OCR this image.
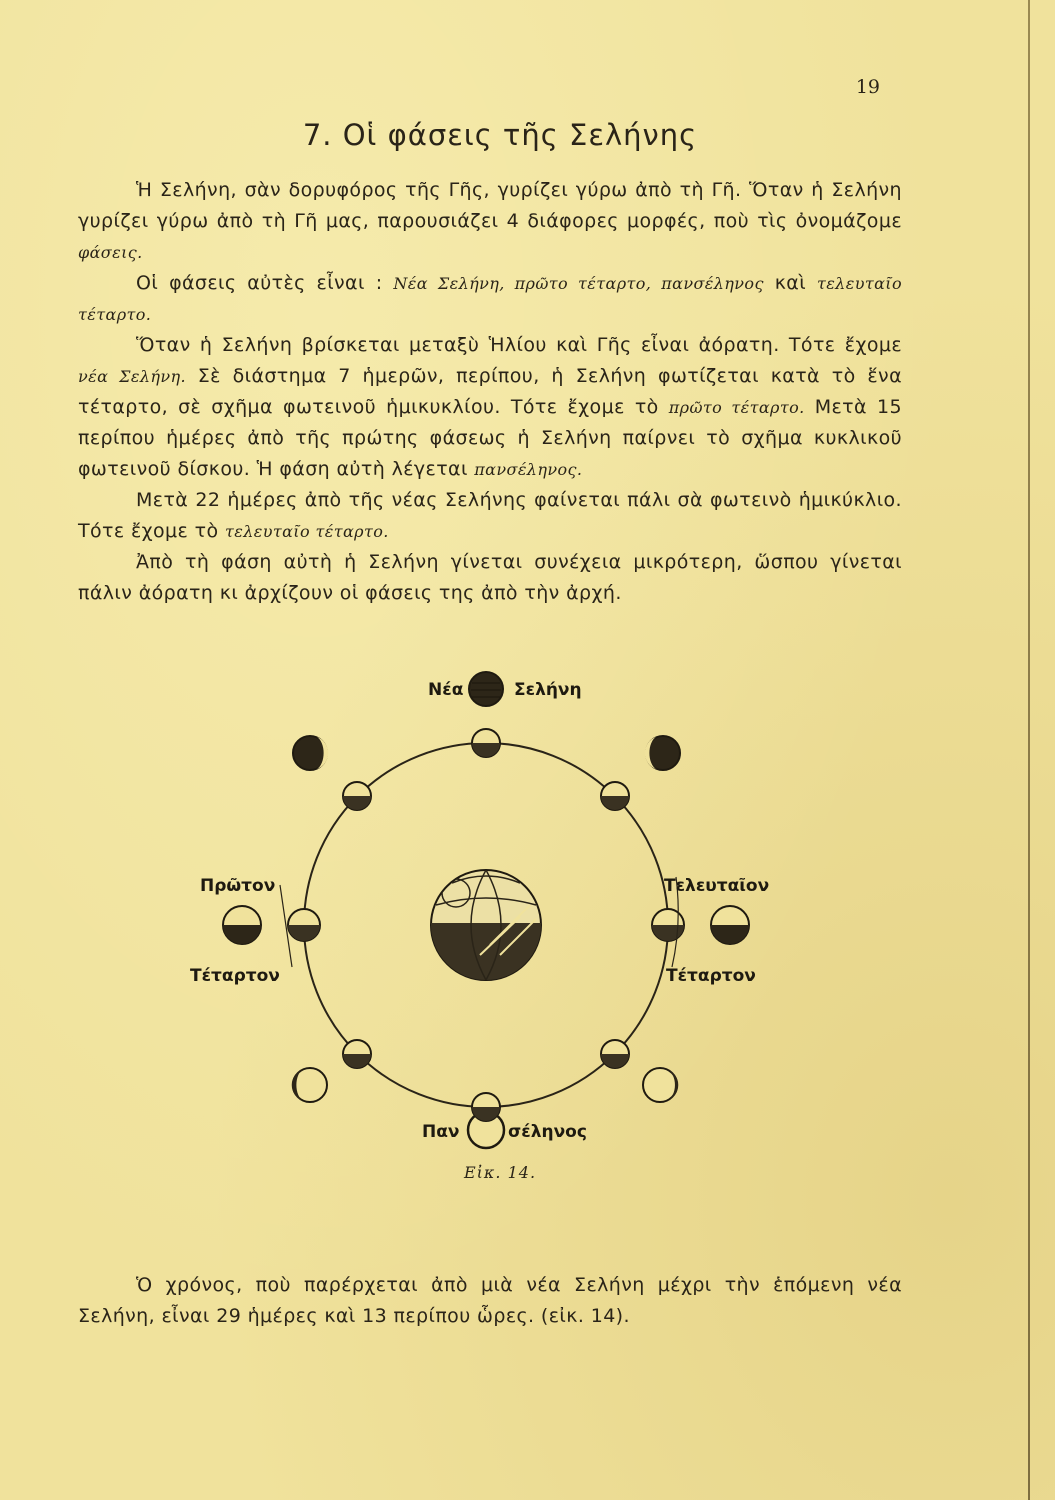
19
7. Οἱ φάσεις τῆς Σελήνης

Ἡ Σελήνη, σὰν δορυφόρος τῆς Γῆς, γυρίζει γύρω ἀπὸ τὴ Γῆ. Ὅταν ἡ Σελήνη γυρίζει γύρω ἀπὸ τὴ Γῆ μας, παρουσιάζει 4 διάφορες μορφές, ποὺ τὶς ὀνομάζομε φάσεις.

Οἱ φάσεις αὐτὲς εἶναι : Νέα Σελήνη, πρῶτο τέταρτο, πανσέληνος καὶ τελευταῖο τέταρτο.

Ὅταν ἡ Σελήνη βρίσκεται μεταξὺ Ἡλίου καὶ Γῆς εἶναι ἀόρατη. Τότε ἔχομε νέα Σελήνη. Σὲ διάστημα 7 ἡμερῶν, περίπου, ἡ Σελήνη φωτίζεται κατὰ τὸ ἕνα τέταρτο, σὲ σχῆμα φωτεινοῦ ἡμικυκλίου. Τότε ἔχομε τὸ πρῶτο τέταρτο. Μετὰ 15 περίπου ἡμέρες ἀπὸ τῆς πρώτης φάσεως ἡ Σελήνη παίρνει τὸ σχῆμα κυκλικοῦ φωτεινοῦ δίσκου. Ἡ φάση αὐτὴ λέγεται πανσέληνος.

Μετὰ 22 ἡμέρες ἀπὸ τῆς νέας Σελήνης φαίνεται πάλι σὰ φωτεινὸ ἡμικύκλιο. Τότε ἔχομε τὸ τελευταῖο τέταρτο.

Ἀπὸ τὴ φάση αὐτὴ ἡ Σελήνη γίνεται συνέχεια μικρότερη, ὥσπου γίνεται πάλιν ἀόρατη κι ἀρχίζουν οἱ φάσεις της ἀπὸ τὴν ἀρχή.

Νέα	Σελήνη
Πρῶτον
Τέταρτον
Τελευταῖον
Τέταρτον
Παν	σέληνος
Εἰκ. 14.

Ὁ χρόνος, ποὺ παρέρχεται ἀπὸ μιὰ νέα Σελήνη μέχρι τὴν ἑπόμενη νέα Σελήνη, εἶναι 29 ἡμέρες καὶ 13 περίπου ὧρες. (εἰκ. 14).
